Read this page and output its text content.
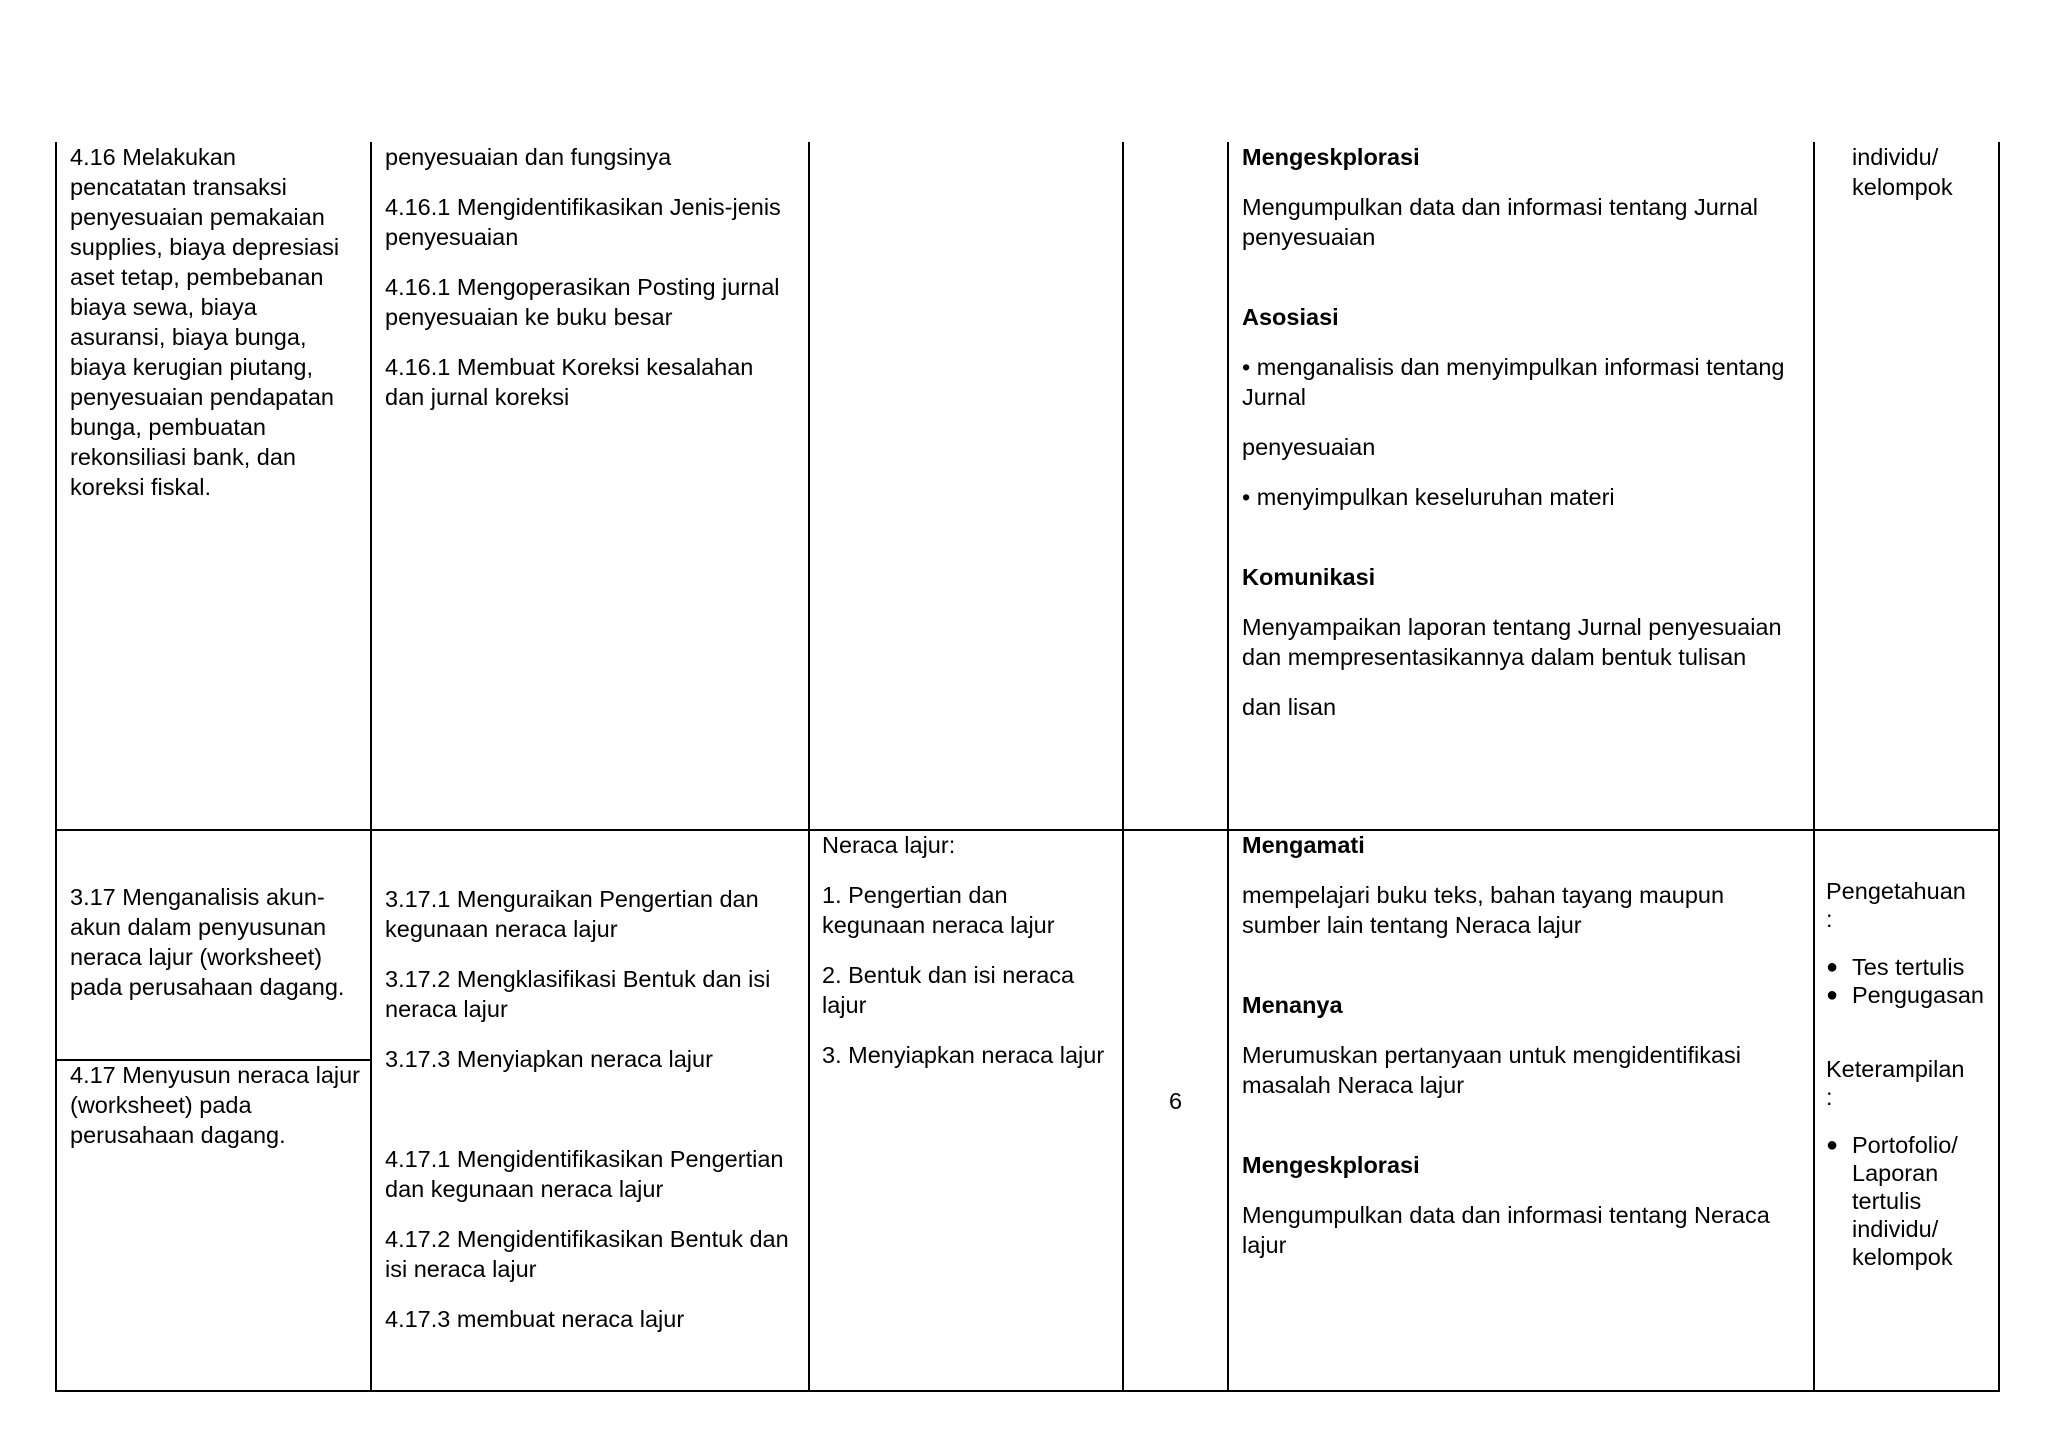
4.16 Melakukan
pencatatan transaksi
penyesuaian pemakaian
supplies, biaya depresiasi
aset tetap, pembebanan
biaya sewa, biaya
asuransi, biaya bunga,
biaya kerugian piutang,
penyesuaian pendapatan
bunga, pembuatan
rekonsiliasi bank, dan
koreksi fiskal.

penyesuaian dan fungsinya

4.16.1 Mengidentifikasikan Jenis-jenis penyesuaian

4.16.1 Mengoperasikan Posting jurnal penyesuaian ke buku besar

4.16.1 Membuat Koreksi kesalahan dan jurnal koreksi

Mengeskplorasi

Mengumpulkan data dan informasi tentang Jurnal penyesuaian

Asosiasi

• menganalisis dan menyimpulkan informasi tentang Jurnal

penyesuaian

• menyimpulkan keseluruhan materi

Komunikasi

Menyampaikan laporan tentang Jurnal penyesuaian dan mempresentasikannya dalam bentuk tulisan

dan lisan

individu/ kelompok

3.17 Menganalisis akun-akun dalam penyusunan neraca lajur (worksheet) pada perusahaan dagang.

4.17 Menyusun neraca lajur (worksheet) pada perusahaan dagang.

3.17.1 Menguraikan Pengertian dan kegunaan neraca lajur

3.17.2 Mengklasifikasi Bentuk dan isi neraca lajur

3.17.3 Menyiapkan neraca lajur

4.17.1 Mengidentifikasikan Pengertian dan kegunaan neraca lajur

4.17.2 Mengidentifikasikan Bentuk dan isi neraca lajur

4.17.3 membuat neraca lajur

Neraca lajur:

1. Pengertian dan kegunaan neraca lajur

2. Bentuk dan isi neraca lajur

3. Menyiapkan neraca lajur

6

Mengamati

mempelajari buku teks, bahan tayang maupun sumber lain tentang Neraca lajur

Menanya

Merumuskan pertanyaan untuk mengidentifikasi masalah Neraca lajur

Mengeskplorasi

Mengumpulkan data dan informasi tentang Neraca lajur

Pengetahuan

:

● Tes tertulis
● Pengugasan

Keterampilan

:

● Portofolio/ Laporan tertulis individu/ kelompok
